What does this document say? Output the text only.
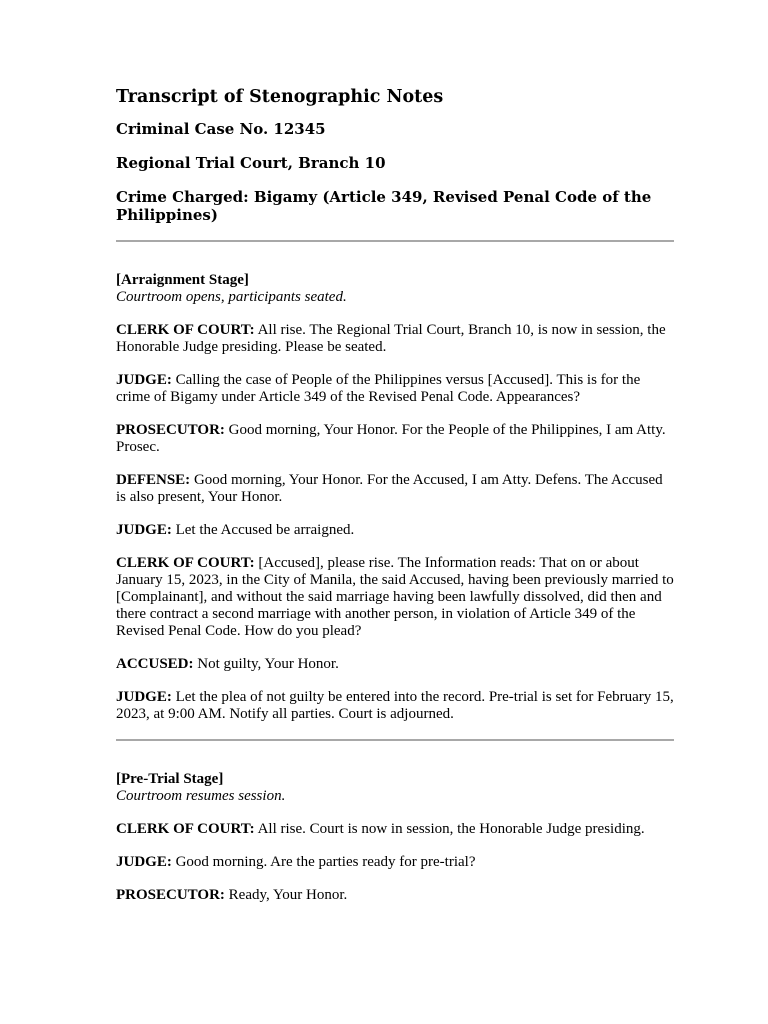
Transcript of Stenographic Notes
Criminal Case No. 12345
Regional Trial Court, Branch 10
Crime Charged: Bigamy (Article 349, Revised Penal Code of the Philippines)
[Arraignment Stage]
Courtroom opens, participants seated.

CLERK OF COURT: All rise. The Regional Trial Court, Branch 10, is now in session, the Honorable Judge presiding. Please be seated.

JUDGE: Calling the case of People of the Philippines versus [Accused]. This is for the crime of Bigamy under Article 349 of the Revised Penal Code. Appearances?

PROSECUTOR: Good morning, Your Honor. For the People of the Philippines, I am Atty. Prosec.

DEFENSE: Good morning, Your Honor. For the Accused, I am Atty. Defens. The Accused is also present, Your Honor.

JUDGE: Let the Accused be arraigned.

CLERK OF COURT: [Accused], please rise. The Information reads: That on or about January 15, 2023, in the City of Manila, the said Accused, having been previously married to [Complainant], and without the said marriage having been lawfully dissolved, did then and there contract a second marriage with another person, in violation of Article 349 of the Revised Penal Code. How do you plead?

ACCUSED: Not guilty, Your Honor.

JUDGE: Let the plea of not guilty be entered into the record. Pre-trial is set for February 15, 2023, at 9:00 AM. Notify all parties. Court is adjourned.

[Pre-Trial Stage]
Courtroom resumes session.

CLERK OF COURT: All rise. Court is now in session, the Honorable Judge presiding.

JUDGE: Good morning. Are the parties ready for pre-trial?

PROSECUTOR: Ready, Your Honor.
